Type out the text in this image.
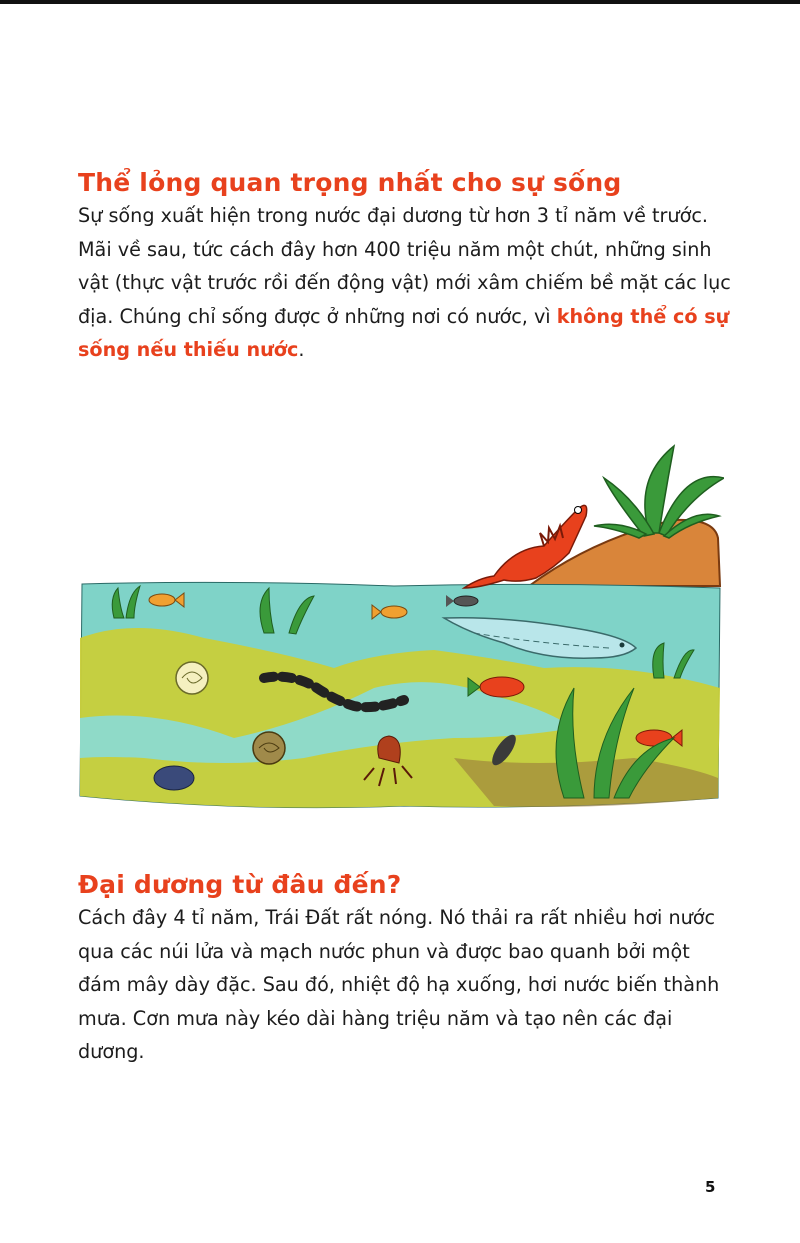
Thể lỏng quan trọng nhất cho sự sống

Sự sống xuất hiện trong nước đại dương từ hơn 3 tỉ năm về trước. Mãi về sau, tức cách đây hơn 400 triệu năm một chút, những sinh vật (thực vật trước rồi đến động vật) mới xâm chiếm bề mặt các lục địa. Chúng chỉ sống được ở những nơi có nước, vì không thể có sự sống nếu thiếu nước.

Đại dương từ đâu đến?

Cách đây 4 tỉ năm, Trái Đất rất nóng. Nó thải ra rất nhiều hơi nước qua các núi lửa và mạch nước phun và được bao quanh bởi một đám mây dày đặc. Sau đó, nhiệt độ hạ xuống, hơi nước biến thành mưa. Cơn mưa này kéo dài hàng triệu năm và tạo nên các đại dương.

5
